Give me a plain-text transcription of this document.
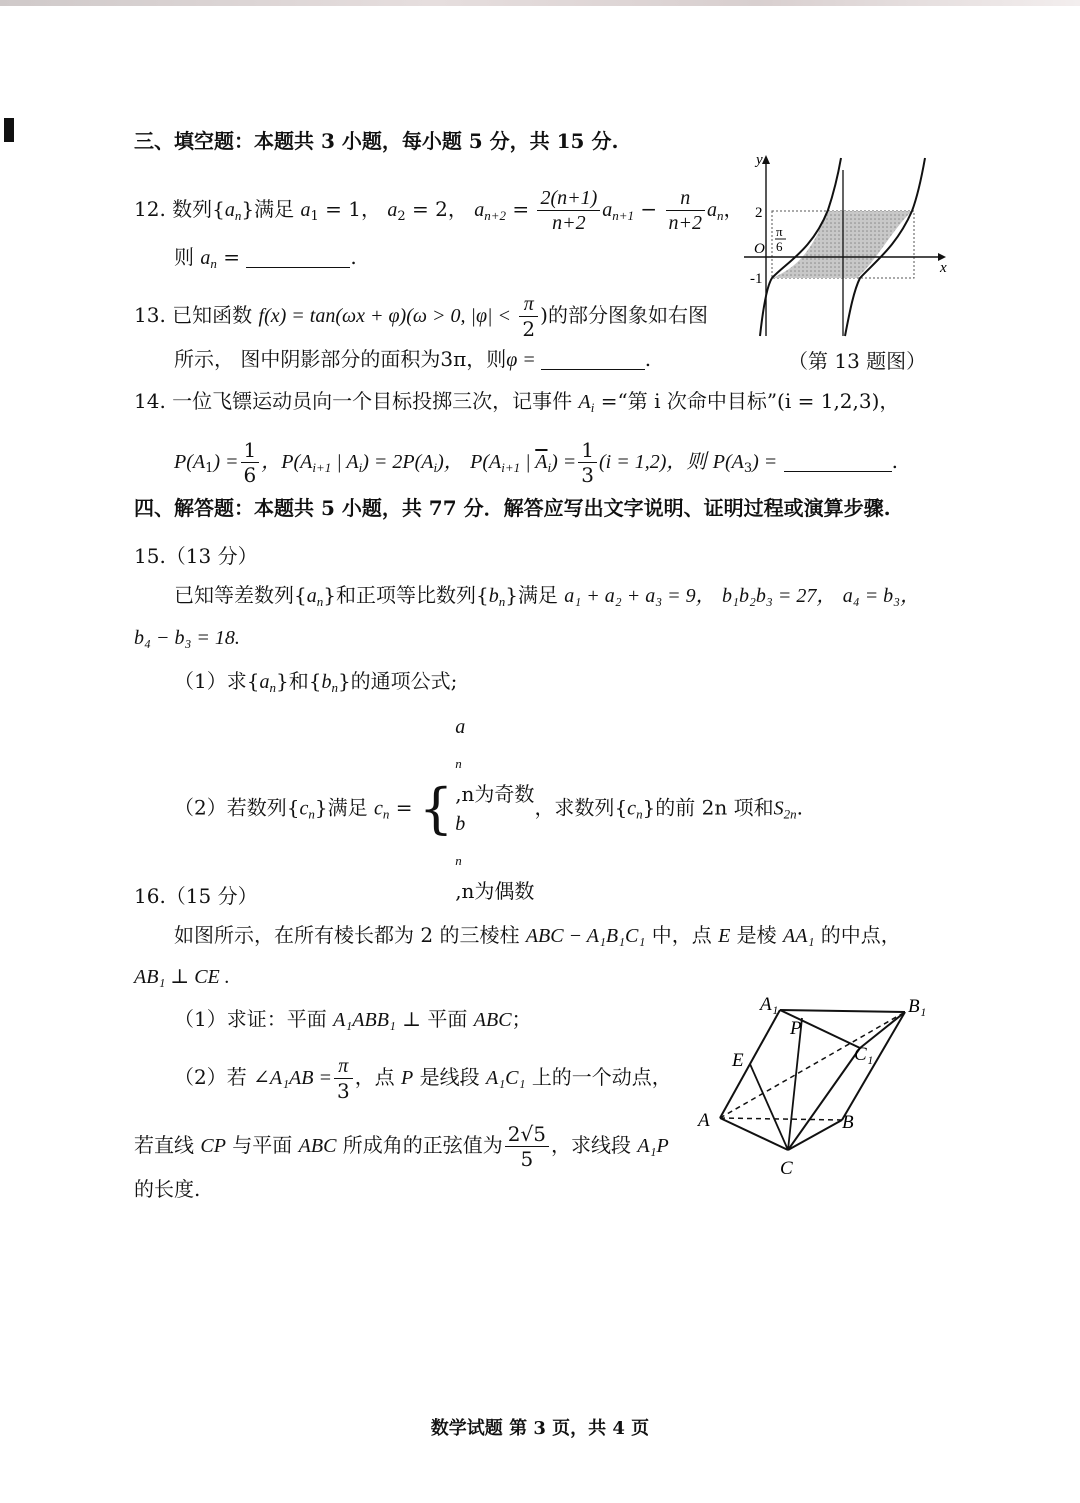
三、填空题：本题共 3 小题，每小题 5 分，共 15 分.
12. 数列$\{a_n\}$满足 $a_1 = 1$， $a_2 = 2$， $a_{n+2} = \frac{2(n+1)}{n+2} a_{n+1} - \frac{n}{n+2} a_n$，
则 $a_n$ =	.
13. 已知函数 f(x) = tan(ωx + φ)(ω > 0, $|\varphi| < \frac{\pi}{2}$ )的部分图象如右图
所示， 图中阴影部分的面积为3π，则φ =	.	（第 13 题图）
y
x
O
2
-1
π
6
14. 一位飞镖运动员向一个目标投掷三次，记事件 $A_i$ =“第 i 次命中目标”(i = 1,2,3)，
$P(A_1) = \frac{1}{6}$ ，$P(A_{i+1}$ | $A_i) = 2P(A_i)$， $P(A_{i+1}$ | $\overline{A}_i) = \frac{1}{3} (i = 1,2)$，则 $P(A_3)$ =	.
四、解答题：本题共 5 小题，共 77 分．解答应写出文字说明、证明过程或演算步骤.
15.（13 分）
已知等差数列$\{a_n\}$和正项等比数列$\{b_n\}$满足 a₁ + a₂ + a₃ = 9， b₁b₂b₃ = 27， a₄ = b₃，
b₄ − b₃ = 18.
（1）求$\{a_n\}$和$\{b_n\}$的通项公式;
（2）若数列$\{c_n\}$满足 $c_n$ = {
a
$_n$
,n为奇数
b
$_n$
,n为偶数
，求数列$\{c_n\}$的前 2n 项和$S_{2n}$.
16.（15 分）
如图所示，在所有棱长都为 2 的三棱柱 ABC − A₁B₁C₁ 中，点 E 是棱 AA₁ 的中点，
AB₁ ⊥ CE .
（1）求证：平面 A₁ABB₁ ⊥ 平面 ABC；
（2）若 ∠A₁AB = $\frac{\pi}{3}$ ，点 P 是线段 A₁C₁ 上的一个动点，
若直线 CP 与平面 ABC 所成角的正弦值为 $\frac{2√5}{5}$ ，求线段 A₁P
的长度.
A₁	B₁
C₁
P
E
A	B
C
数学试题 第 3 页，共 4 页
